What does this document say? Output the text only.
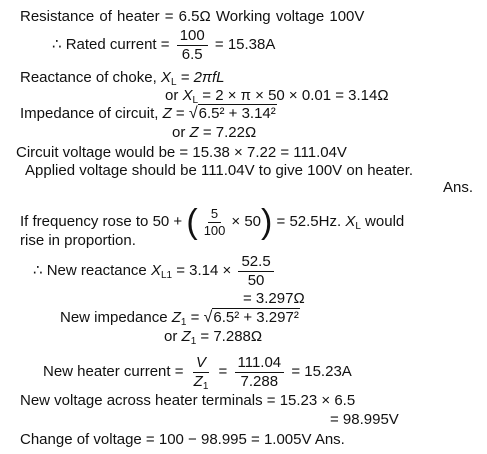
Resistance of heater = 6.5Ω Working voltage 100V
∴ Rated current = $\frac{100}{6.5} = 15.38A$
Reactance of choke, $X_L = 2\pi fL$
or $X_L = 2 \times \pi \times 50 \times 0.01 = 3.14\Omega$
Impedance of circuit, Z = √6.5² + 3.14²
or Z = 7.22Ω
Circuit voltage would be = 15.38 × 7.22 = 111.04V
Applied voltage should be 111.04V to give 100V on heater.
Ans.
If frequency rose to 50 + ( $\frac{5}{100} \times 50) = 52.5Hz$. $X_L$ would
rise in proportion.
∴ New reactance $X_{L1} = 3.14 \times \frac{52.5}{50}$
= 3.297Ω
New impedance $Z_1 = √6.5^2 + 3.297^2$
or $Z_1 = 7.288\Omega$
New heater current = $\frac{V}{Z_1} = \frac{111.04}{7.288} = 15.23A$
New voltage across heater terminals = 15.23 × 6.5
= 98.995V
Change of voltage = 100 − 98.995 = 1.005V Ans.
